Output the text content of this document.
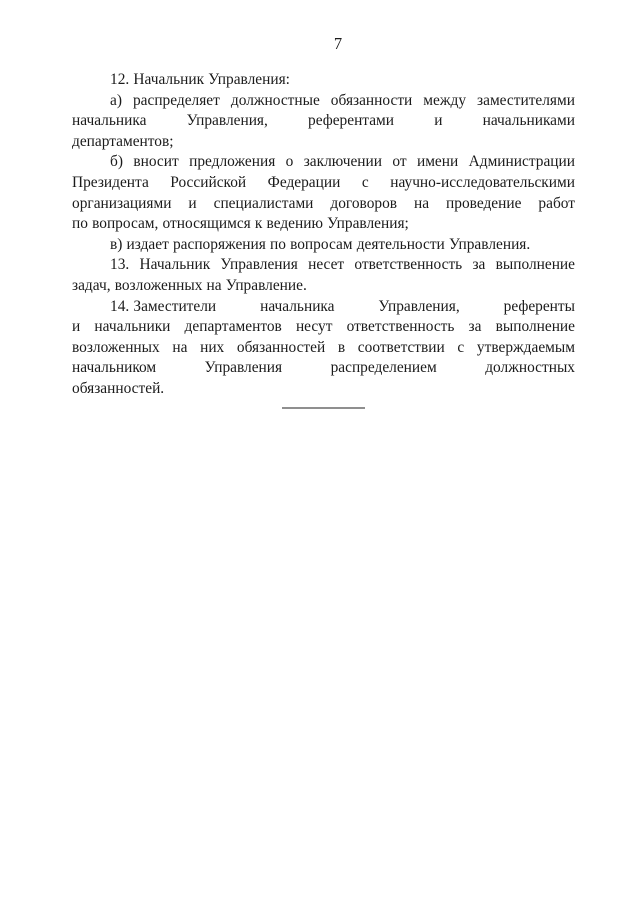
7
12. Начальник Управления:
а) распределяет должностные обязанности между заместителями
начальника Управления, референтами и начальниками
департаментов;
б) вносит предложения о заключении от имени Администрации
Президента Российской Федерации с научно-исследовательскими
организациями и специалистами договоров на проведение работ
по вопросам, относящимся к ведению Управления;
в) издает распоряжения по вопросам деятельности Управления.
13. Начальник Управления несет ответственность за выполнение
задач, возложенных на Управление.
14. Заместители начальника Управления, референты
и начальники департаментов несут ответственность за выполнение
возложенных на них обязанностей в соответствии с утверждаемым
начальником Управления распределением должностных
обязанностей.
